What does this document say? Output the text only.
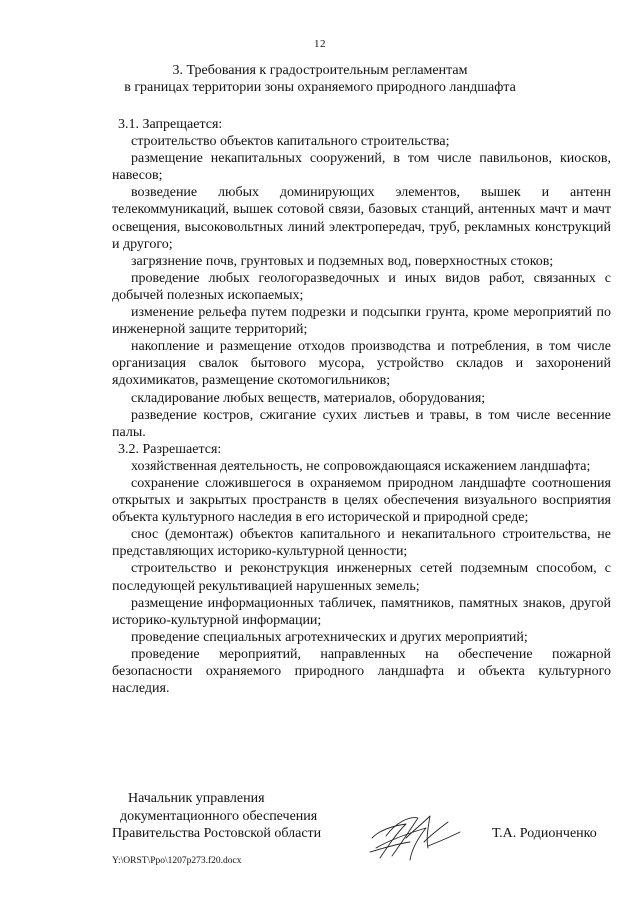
12
3. Требования к градостроительным регламентам
в границах территории зоны охраняемого природного ландшафта

3.1. Запрещается:

строительство объектов капитального строительства;

размещение некапитальных сооружений, в том числе павильонов, киосков, навесов;

возведение любых доминирующих элементов, вышек и антенн телекоммуникаций, вышек сотовой связи, базовых станций, антенных мачт и мачт освещения, высоковольтных линий электропередач, труб, рекламных конструкций и другого;

загрязнение почв, грунтовых и подземных вод, поверхностных стоков;

проведение любых геологоразведочных и иных видов работ, связанных с добычей полезных ископаемых;

изменение рельефа путем подрезки и подсыпки грунта, кроме мероприятий по инженерной защите территорий;

накопление и размещение отходов производства и потребления, в том числе организация свалок бытового мусора, устройство складов и захоронений ядохимикатов, размещение скотомогильников;

складирование любых веществ, материалов, оборудования;

разведение костров, сжигание сухих листьев и травы, в том числе весенние палы.

3.2. Разрешается:

хозяйственная деятельность, не сопровождающаяся искажением ландшафта;

сохранение сложившегося в охраняемом природном ландшафте соотношения открытых и закрытых пространств в целях обеспечения визуального восприятия объекта культурного наследия в его исторической и природной среде;

снос (демонтаж) объектов капитального и некапитального строительства, не представляющих историко-культурной ценности;

строительство и реконструкция инженерных сетей подземным способом, с последующей рекультивацией нарушенных земель;

размещение информационных табличек, памятников, памятных знаков, другой историко-культурной информации;

проведение специальных агротехнических и других мероприятий;

проведение мероприятий, направленных на обеспечение пожарной безопасности охраняемого природного ландшафта и объекта культурного наследия.

Начальник управления
документационного обеспечения
Правительства Ростовской области	Т.А. Родионченко
Y:\ORST\Ppo\1207p273.f20.docx
